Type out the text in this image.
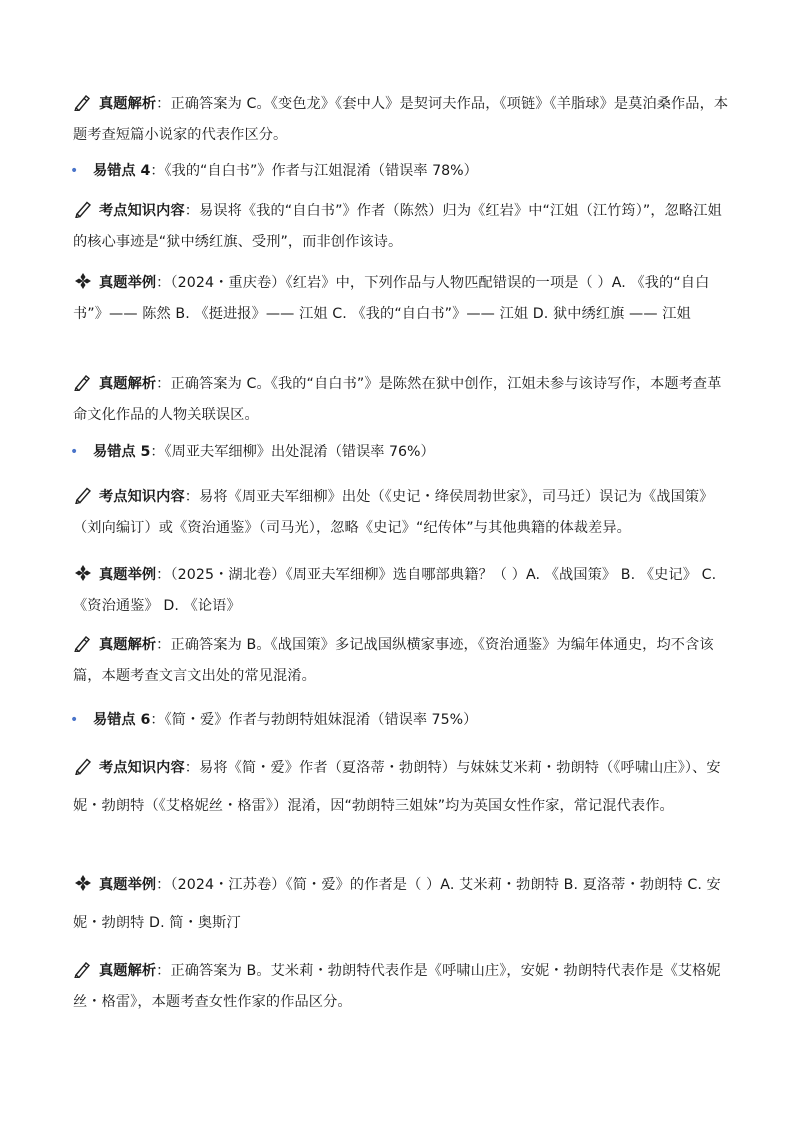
真题解析：正确答案为 C。《变色龙》《套中人》是契诃夫作品，《项链》《羊脂球》是莫泊桑作品，本题考查短篇小说家的代表作区分。
•	易错点 4：《我的“自白书”》作者与江姐混淆（错误率 78%）
考点知识内容：易误将《我的“自白书”》作者（陈然）归为《红岩》中“江姐（江竹筠）”，忽略江姐的核心事迹是“狱中绣红旗、受刑”，而非创作该诗。
真题举例：（2024・重庆卷）《红岩》中，下列作品与人物匹配错误的一项是（ ）A. 《我的“自白书”》—— 陈然 B. 《挺进报》—— 江姐 C. 《我的“自白书”》—— 江姐 D. 狱中绣红旗 —— 江姐
真题解析：正确答案为 C。《我的“自白书”》是陈然在狱中创作，江姐未参与该诗写作，本题考查革命文化作品的人物关联误区。
•	易错点 5：《周亚夫军细柳》出处混淆（错误率 76%）
考点知识内容：易将《周亚夫军细柳》出处（《史记・绛侯周勃世家》，司马迁）误记为《战国策》（刘向编订）或《资治通鉴》（司马光），忽略《史记》“纪传体”与其他典籍的体裁差异。
真题举例：（2025・湖北卷）《周亚夫军细柳》选自哪部典籍？（ ）A. 《战国策》 B. 《史记》 C. 《资治通鉴》 D. 《论语》
真题解析：正确答案为 B。《战国策》多记战国纵横家事迹，《资治通鉴》为编年体通史，均不含该篇，本题考查文言文出处的常见混淆。
•	易错点 6：《简・爱》作者与勃朗特姐妹混淆（错误率 75%）
考点知识内容：易将《简・爱》作者（夏洛蒂・勃朗特）与妹妹艾米莉・勃朗特（《呼啸山庄》）、安妮・勃朗特（《艾格妮丝・格雷》）混淆，因“勃朗特三姐妹”均为英国女性作家，常记混代表作。
真题举例：（2024・江苏卷）《简・爱》的作者是（ ）A. 艾米莉・勃朗特 B. 夏洛蒂・勃朗特 C. 安妮・勃朗特 D. 简・奥斯汀
真题解析：正确答案为 B。艾米莉・勃朗特代表作是《呼啸山庄》，安妮・勃朗特代表作是《艾格妮丝・格雷》，本题考查女性作家的作品区分。
